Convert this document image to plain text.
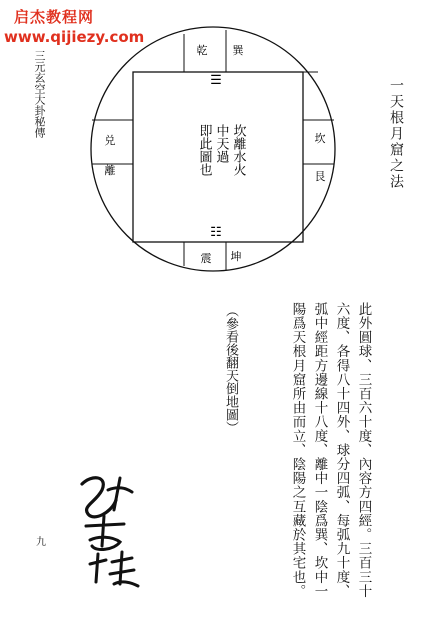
启杰教程网
www.qijiezy.com
三元玄空大卦秘傳	一天根月窟之法
乾 巽
兑
離
坎
艮
震 坤
☰
☷
坎離水火
中天過
即此圖也
此外圓球、三百六十度、內容方四經。三百三十
六度、各得八十四外、球分四弧、每弧九十度、
弧中經距方邊線十八度、離中一陰爲巽、坎中一
陽爲天根月窟所由而立、陰陽之互藏於其宅也。
（參看後翻天倒地圖）
九
